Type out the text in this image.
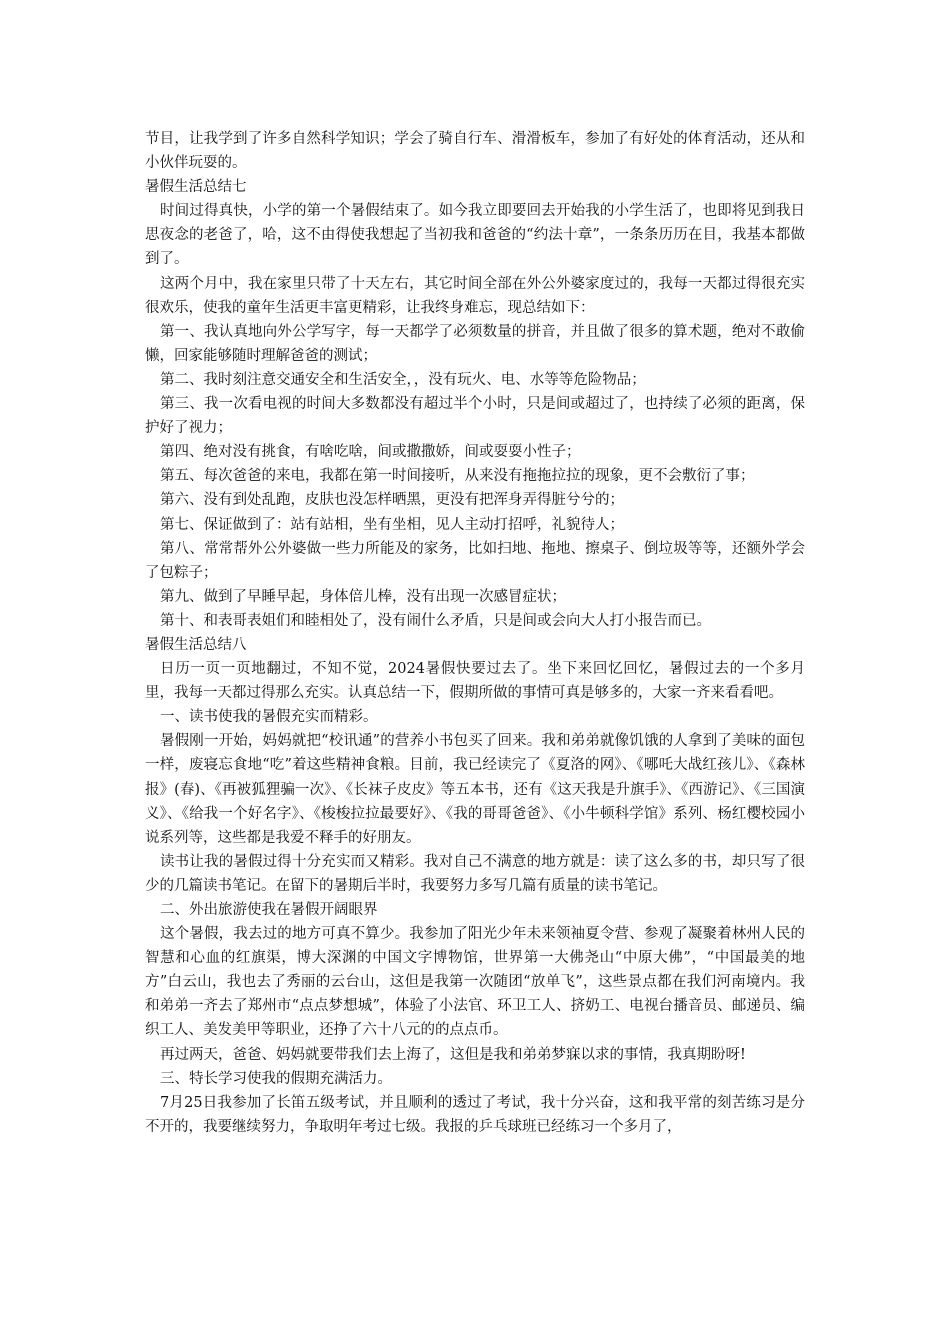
节目，让我学到了许多自然科学知识；学会了骑自行车、滑滑板车，参加了有好处的体育活动，还从和小伙伴玩耍的。

暑假生活总结七

时间过得真快，小学的第一个暑假结束了。如今我立即要回去开始我的小学生活了，也即将见到我日思夜念的老爸了，哈，这不由得使我想起了当初我和爸爸的“约法十章”，一条条历历在目，我基本都做到了。

这两个月中，我在家里只带了十天左右，其它时间全部在外公外婆家度过的，我每一天都过得很充实很欢乐，使我的童年生活更丰富更精彩，让我终身难忘，现总结如下：

第一、我认真地向外公学写字，每一天都学了必须数量的拼音，并且做了很多的算术题，绝对不敢偷懒，回家能够随时理解爸爸的测试；

第二、我时刻注意交通安全和生活安全，，没有玩火、电、水等等危险物品；

第三、我一次看电视的时间大多数都没有超过半个小时，只是间或超过了，也持续了必须的距离，保护好了视力；

第四、绝对没有挑食，有啥吃啥，间或撒撒娇，间或耍耍小性子；

第五、每次爸爸的来电，我都在第一时间接听，从来没有拖拖拉拉的现象，更不会敷衍了事；

第六、没有到处乱跑，皮肤也没怎样晒黑，更没有把浑身弄得脏兮兮的；

第七、保证做到了：站有站相，坐有坐相，见人主动打招呼，礼貌待人；

第八、常常帮外公外婆做一些力所能及的家务，比如扫地、拖地、擦桌子、倒垃圾等等，还额外学会了包粽子；

第九、做到了早睡早起，身体倍儿棒，没有出现一次感冒症状；

第十、和表哥表姐们和睦相处了，没有闹什么矛盾，只是间或会向大人打小报告而已。

暑假生活总结八

日历一页一页地翻过，不知不觉，2024暑假快要过去了。坐下来回忆回忆，暑假过去的一个多月里，我每一天都过得那么充实。认真总结一下，假期所做的事情可真是够多的，大家一齐来看看吧。

一、读书使我的暑假充实而精彩。

暑假刚一开始，妈妈就把“校讯通”的营养小书包买了回来。我和弟弟就像饥饿的人拿到了美味的面包一样，废寝忘食地“吃”着这些精神食粮。目前，我已经读完了《夏洛的网》、《哪吒大战红孩儿》、《森林报》(春)、《再被狐狸骗一次》、《长袜子皮皮》等五本书，还有《这天我是升旗手》、《西游记》、《三国演义》、《给我一个好名字》、《梭梭拉拉最要好》、《我的哥哥爸爸》、《小牛顿科学馆》系列、杨红樱校园小说系列等，这些都是我爱不释手的好朋友。

读书让我的暑假过得十分充实而又精彩。我对自己不满意的地方就是：读了这么多的书，却只写了很少的几篇读书笔记。在留下的暑期后半时，我要努力多写几篇有质量的读书笔记。

二、外出旅游使我在暑假开阔眼界

这个暑假，我去过的地方可真不算少。我参加了阳光少年未来领袖夏令营、参观了凝聚着林州人民的智慧和心血的红旗渠，博大深渊的中国文字博物馆，世界第一大佛尧山“中原大佛”，“中国最美的地方”白云山，我也去了秀丽的云台山，这但是我第一次随团“放单飞”，这些景点都在我们河南境内。我和弟弟一齐去了郑州市“点点梦想城”，体验了小法官、环卫工人、挤奶工、电视台播音员、邮递员、编织工人、美发美甲等职业，还挣了六十八元的的点点币。

再过两天，爸爸、妈妈就要带我们去上海了，这但是我和弟弟梦寐以求的事情，我真期盼呀!

三、特长学习使我的假期充满活力。

7月25日我参加了长笛五级考试，并且顺利的透过了考试，我十分兴奋，这和我平常的刻苦练习是分不开的，我要继续努力，争取明年考过七级。我报的乒乓球班已经练习一个多月了，
